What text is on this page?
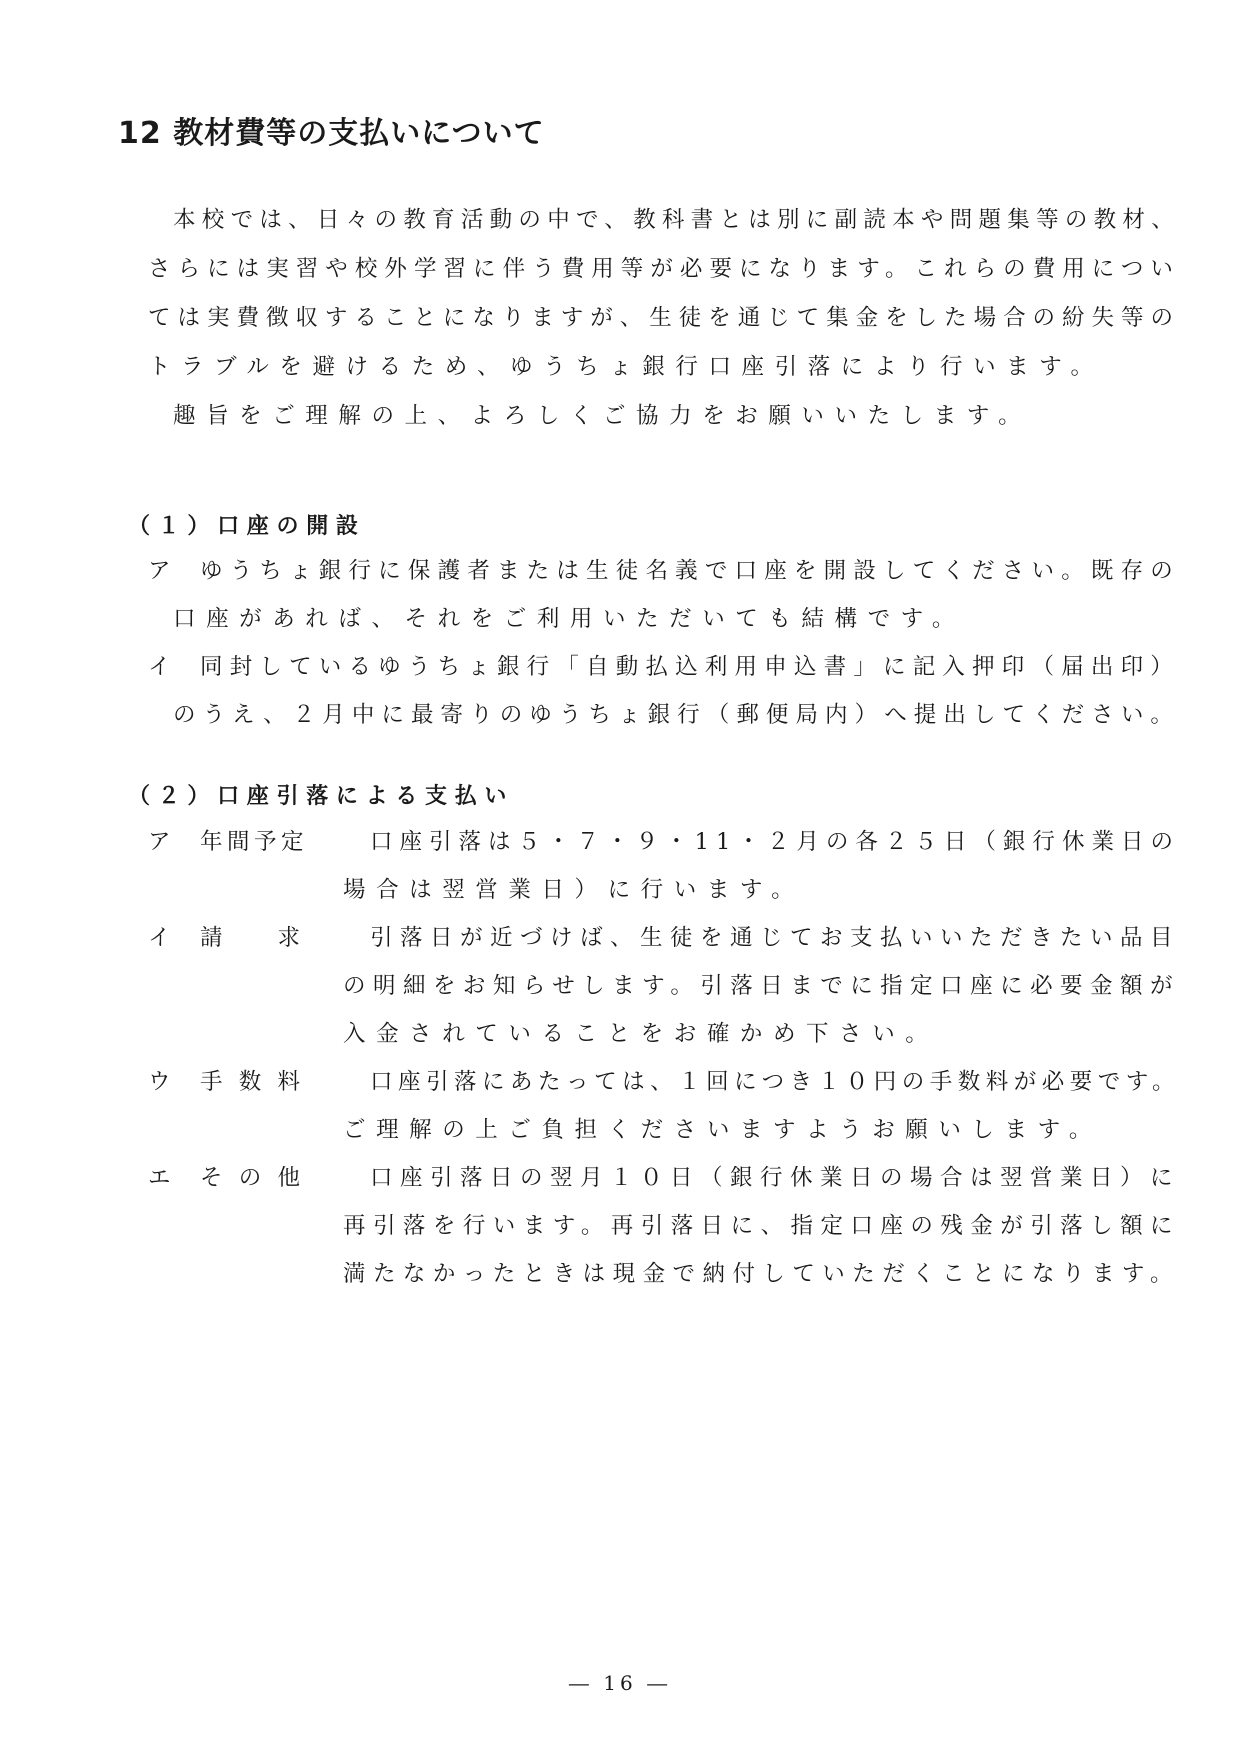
12 教材費等の支払いについて
本校では、日々の教育活動の中で、教科書とは別に副読本や問題集等の教材、
さらには実習や校外学習に伴う費用等が必要になります。これらの費用につい
ては実費徴収することになりますが、生徒を通じて集金をした場合の紛失等の
トラブルを避けるため、ゆうちょ銀行口座引落により行います。
趣旨をご理解の上、よろしくご協力をお願いいたします。
（１）口座の開設
ア ゆうちょ銀行に保護者または生徒名義で口座を開設してください。既存の
口座があれば、それをご利用いただいても結構です。
イ 同封しているゆうちょ銀行「自動払込利用申込書」に記入押印（届出印）
のうえ、２月中に最寄りのゆうちょ銀行（郵便局内）へ提出してください。
（２）口座引落による支払い
ア 年間予定	口座引落は５・７・９・11・２月の各２５日（銀行休業日の
場合は翌営業日）に行います。
イ 請 求	引落日が近づけば、生徒を通じてお支払いいただきたい品目
の明細をお知らせします。引落日までに指定口座に必要金額が
入金されていることをお確かめ下さい。
ウ 手 数 料	口座引落にあたっては、１回につき１０円の手数料が必要です。
ご理解の上ご負担くださいますようお願いします。
エ そ の 他	口座引落日の翌月１０日（銀行休業日の場合は翌営業日）に
再引落を行います。再引落日に、指定口座の残金が引落し額に
満たなかったときは現金で納付していただくことになります。
― 16 ―
